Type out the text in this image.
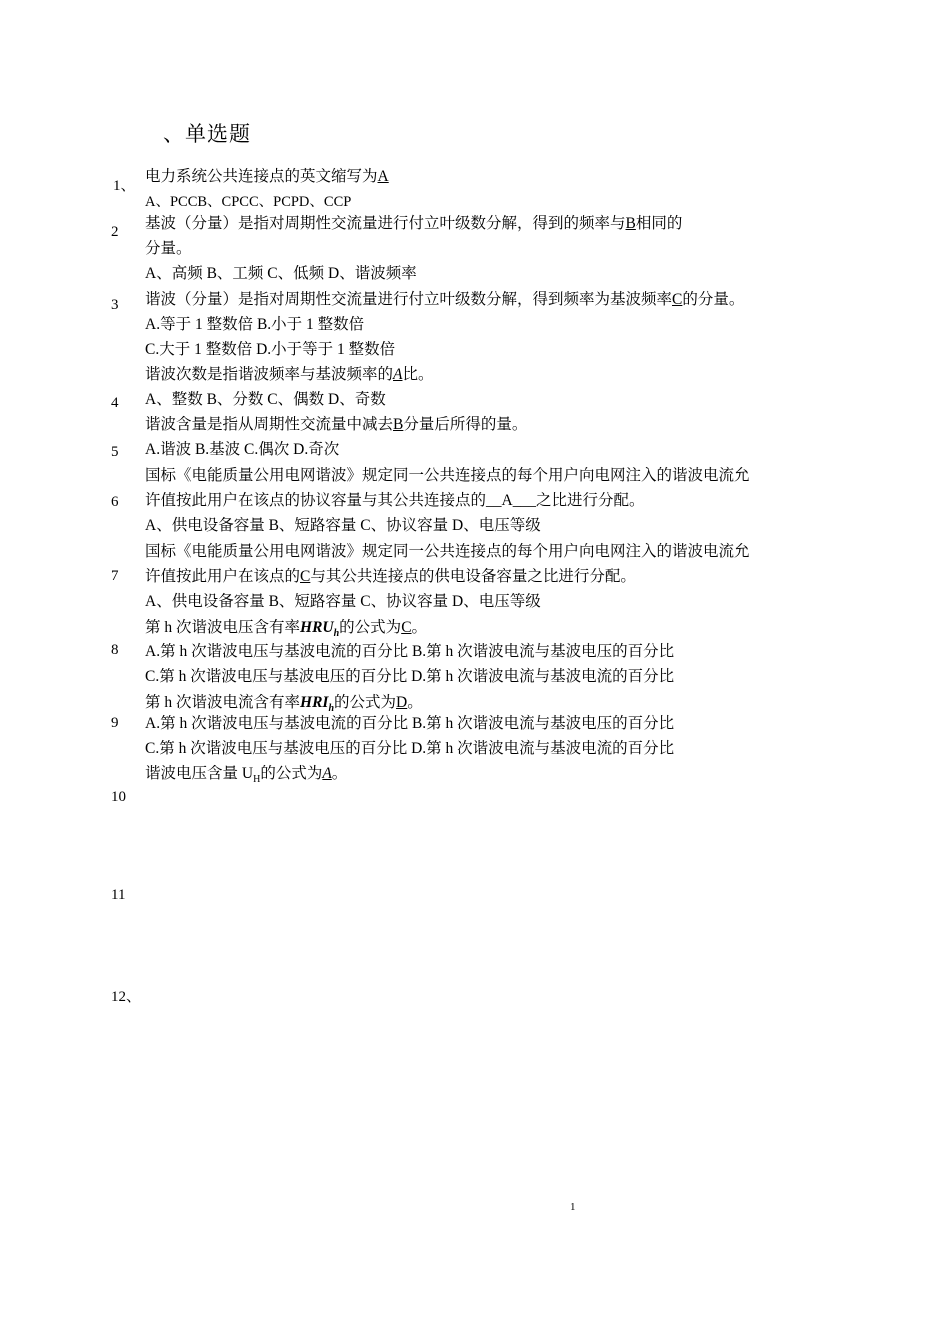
、单选题
1、
2
3
4
5
6
7
8
9
10
11
12、
电力系统公共连接点的英文缩写为A
A、PCCB、CPCC、PCPD、CCP
基波（分量）是指对周期性交流量进行付立叶级数分解，得到的频率与B相同的
分量。
A、高频 B、工频 C、低频 D、谐波频率
谐波（分量）是指对周期性交流量进行付立叶级数分解，得到频率为基波频率C的分量。
A.等于 1 整数倍 B.小于 1 整数倍
C.大于 1 整数倍 D.小于等于 1 整数倍
谐波次数是指谐波频率与基波频率的A比。
A、整数 B、分数 C、偶数 D、奇数
谐波含量是指从周期性交流量中减去B分量后所得的量。
A.谐波 B.基波 C.偶次 D.奇次
国标《电能质量公用电网谐波》规定同一公共连接点的每个用户向电网注入的谐波电流允
许值按此用户在该点的协议容量与其公共连接点的__A___之比进行分配。
A、供电设备容量 B、短路容量 C、协议容量 D、电压等级
国标《电能质量公用电网谐波》规定同一公共连接点的每个用户向电网注入的谐波电流允
许值按此用户在该点的C与其公共连接点的供电设备容量之比进行分配。
A、供电设备容量 B、短路容量 C、协议容量 D、电压等级
第 h 次谐波电压含有率$HRU_h$的公式为C。
A.第 h 次谐波电压与基波电流的百分比 B.第 h 次谐波电流与基波电压的百分比
C.第 h 次谐波电压与基波电压的百分比 D.第 h 次谐波电流与基波电流的百分比
第 h 次谐波电流含有率$HRI_h$的公式为D。
A.第 h 次谐波电压与基波电流的百分比 B.第 h 次谐波电流与基波电压的百分比
C.第 h 次谐波电压与基波电压的百分比 D.第 h 次谐波电流与基波电流的百分比
谐波电压含量 $U_H$的公式为A。
1
